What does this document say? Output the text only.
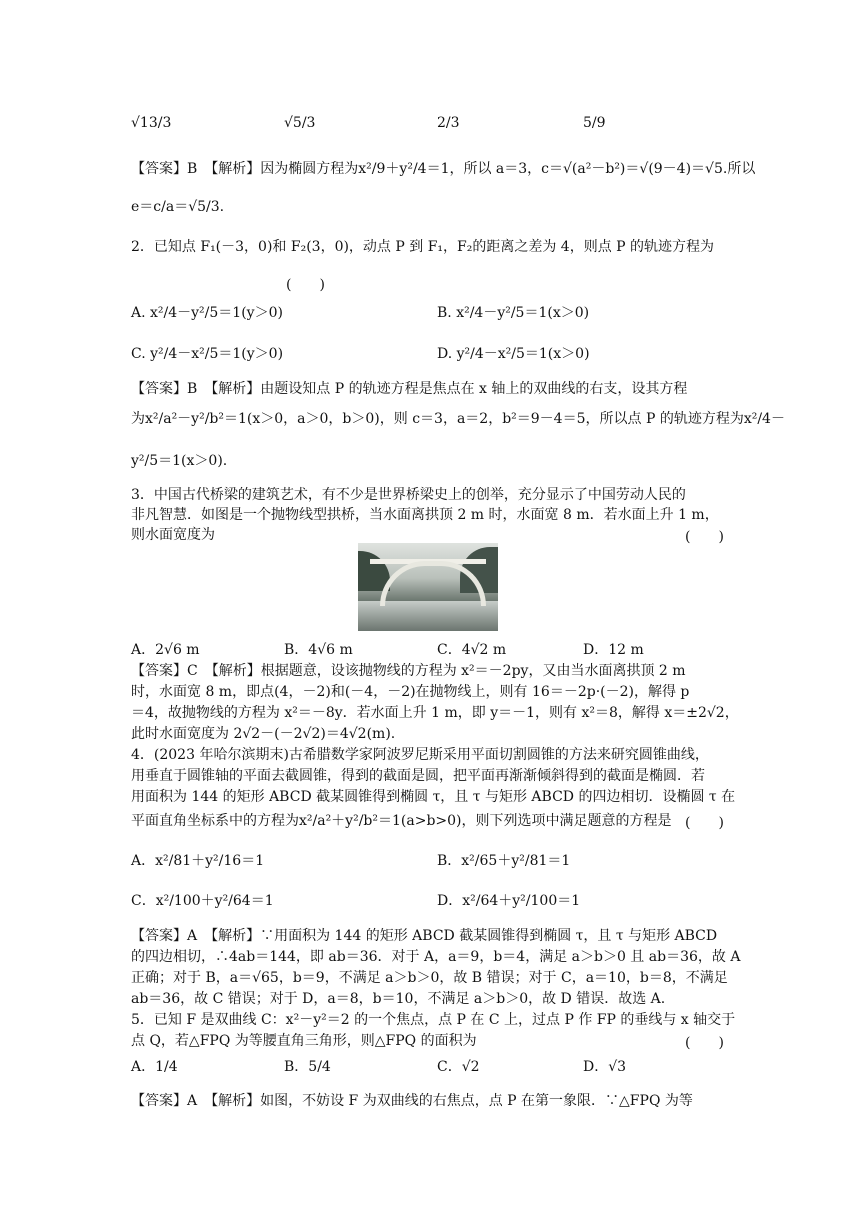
√13/3	√5/3	2/3	5/9
【答案】B　【解析】因为椭圆方程为x²/9＋y²/4＝1，所以 a＝3，c＝√(a²－b²)＝√(9－4)＝√5.所以
e＝c/a＝√5/3.
2．已知点 F₁(－3，0)和 F₂(3，0)，动点 P 到 F₁，F₂的距离之差为 4，则点 P 的轨迹方程为
(　　)
A. x²/4－y²/5＝1(y＞0)	B. x²/4－y²/5＝1(x＞0)
C. y²/4－x²/5＝1(y＞0)	D. y²/4－x²/5＝1(x＞0)
【答案】B　【解析】由题设知点 P 的轨迹方程是焦点在 x 轴上的双曲线的右支，设其方程
为x²/a²－y²/b²＝1(x＞0，a＞0，b＞0)，则 c＝3，a＝2，b²＝9－4＝5，所以点 P 的轨迹方程为x²/4－
y²/5＝1(x＞0).
3．中国古代桥梁的建筑艺术，有不少是世界桥梁史上的创举，充分显示了中国劳动人民的
非凡智慧．如图是一个抛物线型拱桥，当水面离拱顶 2 m 时，水面宽 8 m．若水面上升 1 m，
则水面宽度为	(　　)
A．2√6 m	B．4√6 m	C．4√2 m	D．12 m
【答案】C　【解析】根据题意，设该抛物线的方程为 x²＝－2py，又由当水面离拱顶 2 m
时，水面宽 8 m，即点(4，－2)和(－4，－2)在抛物线上，则有 16＝－2p·(－2)，解得 p
＝4，故抛物线的方程为 x²＝－8y．若水面上升 1 m，即 y＝－1，则有 x²＝8，解得 x＝±2√2，
此时水面宽度为 2√2－(－2√2)＝4√2(m).
4．(2023 年哈尔滨期末)古希腊数学家阿波罗尼斯采用平面切割圆锥的方法来研究圆锥曲线，
用垂直于圆锥轴的平面去截圆锥，得到的截面是圆，把平面再渐渐倾斜得到的截面是椭圆．若
用面积为 144 的矩形 ABCD 截某圆锥得到椭圆 τ，且 τ 与矩形 ABCD 的四边相切．设椭圆 τ 在
平面直角坐标系中的方程为x²/a²＋y²/b²＝1(a>b>0)，则下列选项中满足题意的方程是 (　　)
A．x²/81＋y²/16＝1	B．x²/65＋y²/81＝1
C．x²/100＋y²/64＝1	D．x²/64＋y²/100＝1
【答案】A　【解析】∵用面积为 144 的矩形 ABCD 截某圆锥得到椭圆 τ，且 τ 与矩形 ABCD
的四边相切，∴4ab＝144，即 ab＝36．对于 A，a＝9，b＝4，满足 a＞b＞0 且 ab＝36，故 A
正确；对于 B，a＝√65，b＝9，不满足 a＞b＞0，故 B 错误；对于 C，a＝10，b＝8，不满足
ab＝36，故 C 错误；对于 D，a＝8，b＝10，不满足 a＞b＞0，故 D 错误．故选 A.
5．已知 F 是双曲线 C：x²－y²＝2 的一个焦点，点 P 在 C 上，过点 P 作 FP 的垂线与 x 轴交于
点 Q，若△FPQ 为等腰直角三角形，则△FPQ 的面积为	(　　)
A．1/4	B．5/4	C．√2	D．√3
【答案】A　【解析】如图，不妨设 F 为双曲线的右焦点，点 P 在第一象限．∵△FPQ 为等
